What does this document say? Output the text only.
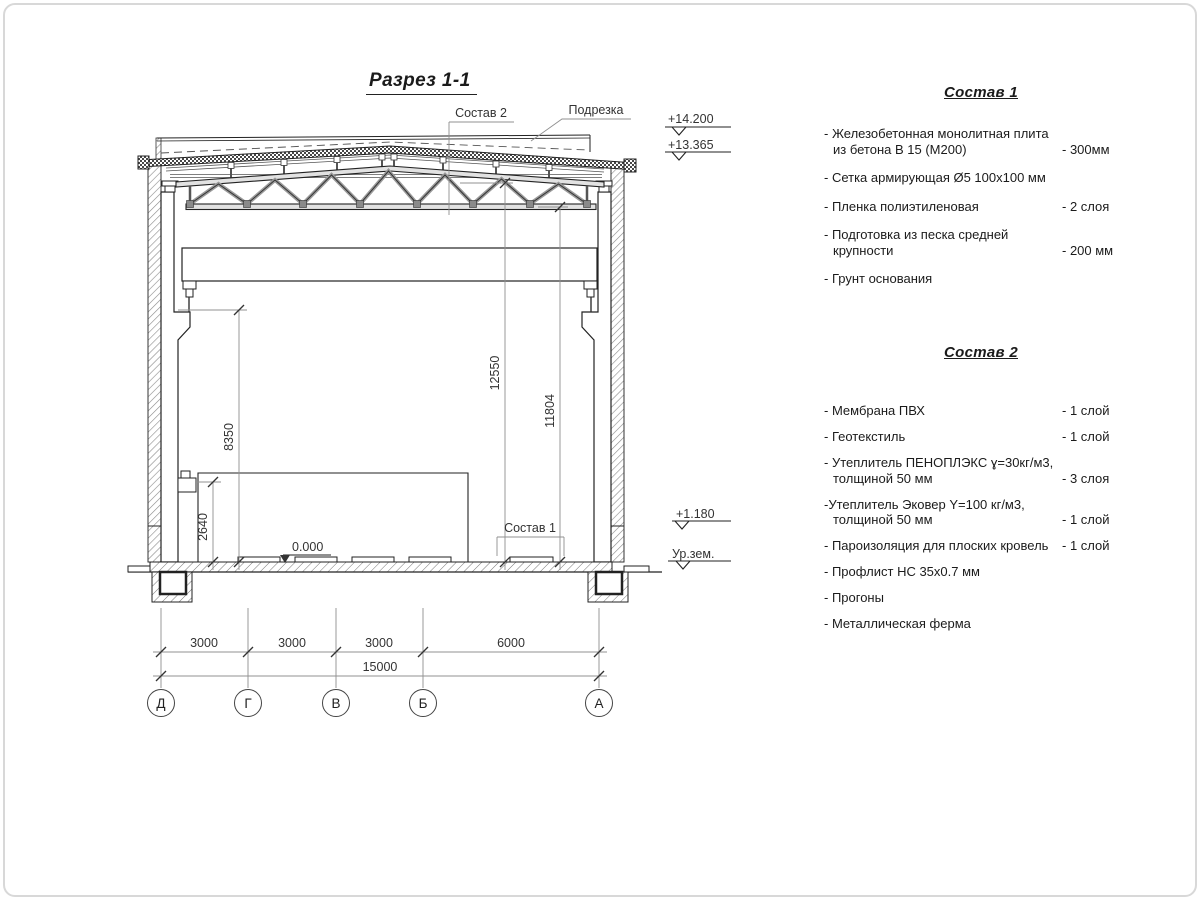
Разрез 1-1
2640
8350
12550
11804
3000	3000	3000	6000
15000
Д	Г	В	Б	А
+14.200
+13.365
+1.180
Ур.зем.
Состав 2	Подрезка
Состав 1
0.000
Состав 1
- Железобетонная монолитная плита из бетона В 15 (М200)	- 300мм
- Сетка армирующая Ø5 100x100 мм
- Пленка полиэтиленовая	- 2 слоя
- Подготовка из песка средней крупности	- 200 мм
- Грунт основания
Состав 2
- Мембрана ПВХ	- 1 слой
- Геотекстиль	- 1 слой
- Утеплитель ПЕНОПЛЭКС ɣ=30кг/м3, толщиной 50 мм	- 3 слоя
-Утеплитель Эковер Y=100 кг/м3, толщиной 50 мм	- 1 слой
- Пароизоляция для плоских кровель	- 1 слой
- Профлист НС 35x0.7 мм
- Прогоны
- Металлическая ферма
